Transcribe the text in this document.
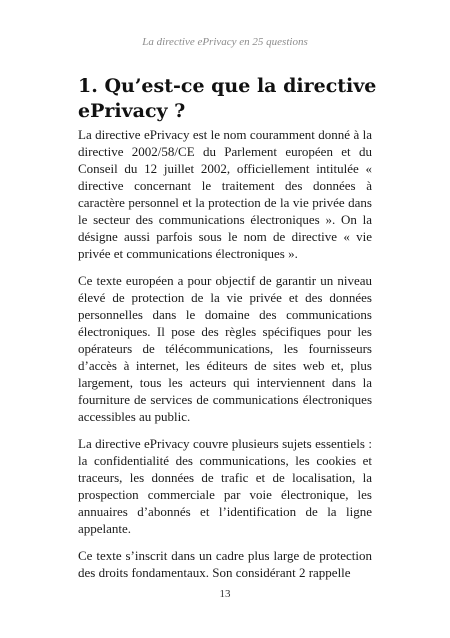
La directive ePrivacy en 25 questions
1. Qu’est-ce que la directive ePrivacy ?

La directive ePrivacy est le nom couramment donné à la directive 2002/58/CE du Parlement européen et du Conseil du 12 juillet 2002, officiellement intitulée « directive concernant le traitement des données à caractère personnel et la protection de la vie privée dans le secteur des communications électroniques ». On la désigne aussi parfois sous le nom de directive « vie privée et communications électroniques ».

Ce texte européen a pour objectif de garantir un niveau élevé de protection de la vie privée et des données personnelles dans le domaine des communications électroniques. Il pose des règles spécifiques pour les opérateurs de télécommunications, les fournisseurs d’accès à internet, les éditeurs de sites web et, plus largement, tous les acteurs qui interviennent dans la fourniture de services de communications électroniques accessibles au public.

La directive ePrivacy couvre plusieurs sujets essentiels : la confidentialité des communications, les cookies et traceurs, les données de trafic et de localisation, la prospection commerciale par voie électronique, les annuaires d’abonnés et l’identification de la ligne appelante.

Ce texte s’inscrit dans un cadre plus large de protection des droits fondamentaux. Son considérant 2 rappelle

13
